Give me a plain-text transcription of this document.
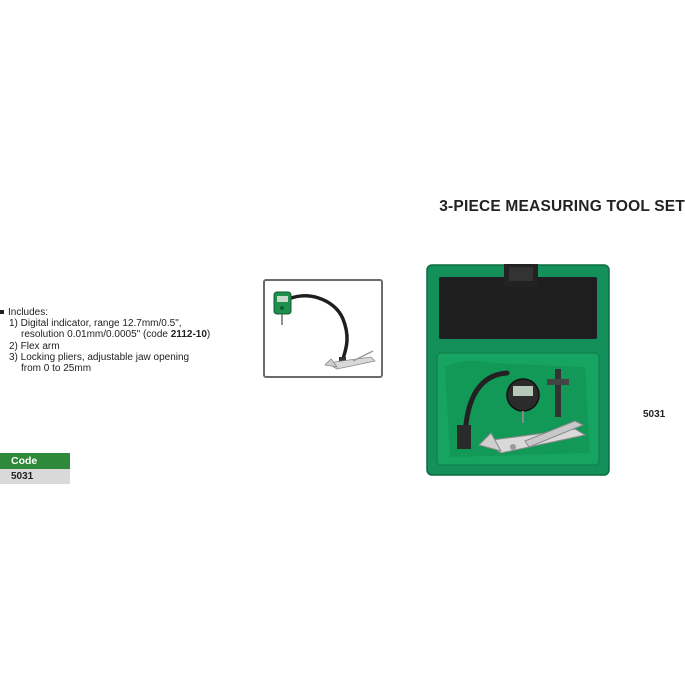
3-PIECE MEASURING TOOL SET
Includes:
1) Digital indicator, range 12.7mm/0.5",
resolution 0.01mm/0.0005" (code 2112-10)
2) Flex arm
3) Locking pliers, adjustable jaw opening
from 0 to 25mm
Code
5031
5031
